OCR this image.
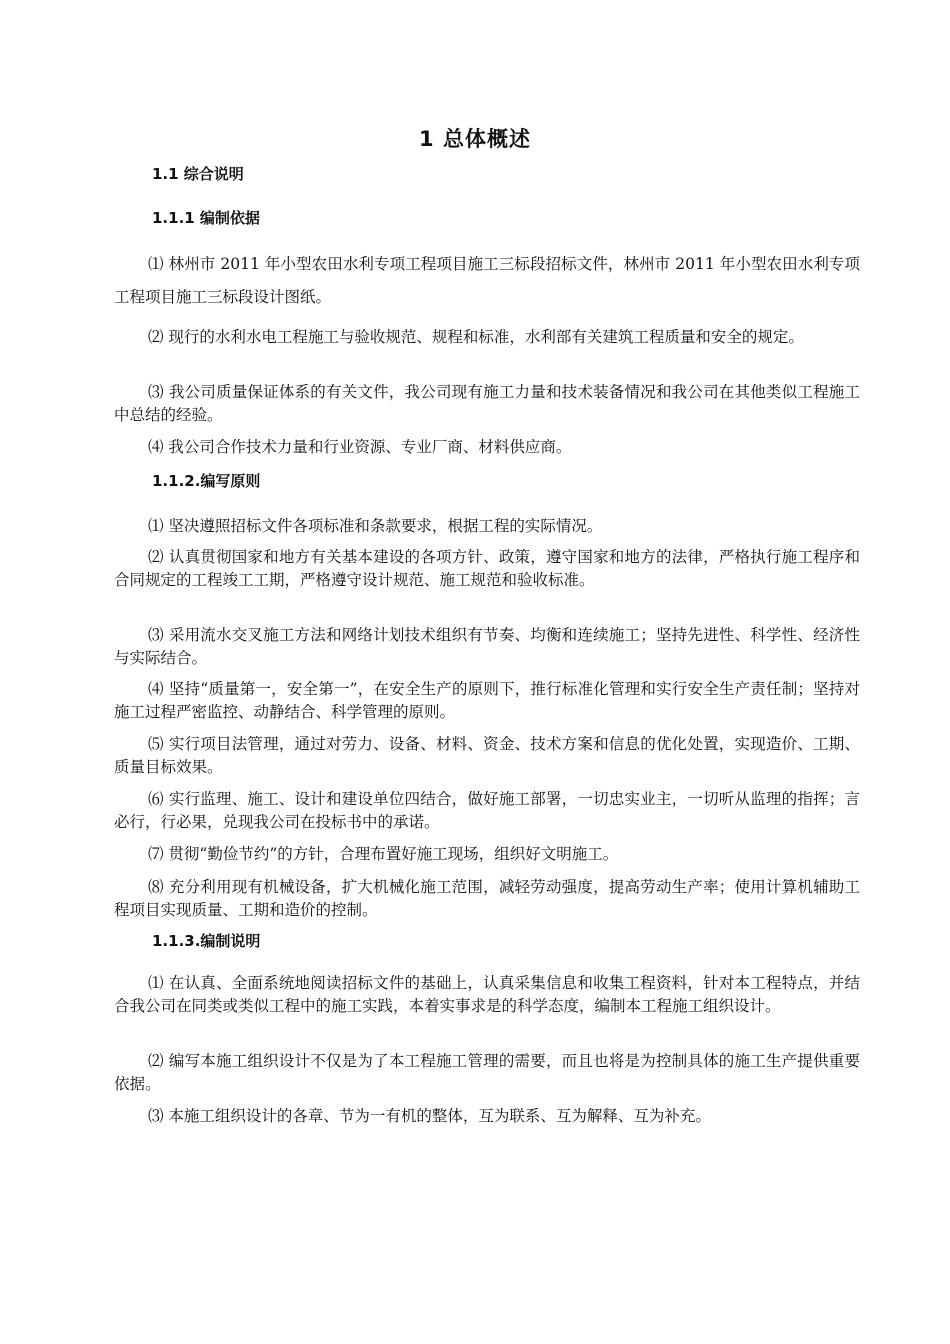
1 总体概述
1.1 综合说明
1.1.1 编制依据

⑴ 林州市 2011 年小型农田水利专项工程项目施工三标段招标文件，林州市 2011 年小型农田水利专项工程项目施工三标段设计图纸。

⑵ 现行的水利水电工程施工与验收规范、规程和标准，水利部有关建筑工程质量和安全的规定。

⑶ 我公司质量保证体系的有关文件，我公司现有施工力量和技术装备情况和我公司在其他类似工程施工中总结的经验。

⑷ 我公司合作技术力量和行业资源、专业厂商、材料供应商。

1.1.2.编写原则

⑴ 坚决遵照招标文件各项标准和条款要求，根据工程的实际情况。

⑵ 认真贯彻国家和地方有关基本建设的各项方针、政策，遵守国家和地方的法律，严格执行施工程序和合同规定的工程竣工工期，严格遵守设计规范、施工规范和验收标准。

⑶ 采用流水交叉施工方法和网络计划技术组织有节奏、均衡和连续施工；坚持先进性、科学性、经济性与实际结合。

⑷ 坚持“质量第一，安全第一”，在安全生产的原则下，推行标准化管理和实行安全生产责任制；坚持对施工过程严密监控、动静结合、科学管理的原则。

⑸ 实行项目法管理，通过对劳力、设备、材料、资金、技术方案和信息的优化处置，实现造价、工期、质量目标效果。

⑹ 实行监理、施工、设计和建设单位四结合，做好施工部署，一切忠实业主，一切听从监理的指挥；言必行，行必果，兑现我公司在投标书中的承诺。

⑺ 贯彻“勤俭节约”的方针，合理布置好施工现场，组织好文明施工。

⑻ 充分利用现有机械设备，扩大机械化施工范围，减轻劳动强度，提高劳动生产率；使用计算机辅助工程项目实现质量、工期和造价的控制。

1.1.3.编制说明

⑴ 在认真、全面系统地阅读招标文件的基础上，认真采集信息和收集工程资料，针对本工程特点，并结合我公司在同类或类似工程中的施工实践，本着实事求是的科学态度，编制本工程施工组织设计。

⑵ 编写本施工组织设计不仅是为了本工程施工管理的需要，而且也将是为控制具体的施工生产提供重要依据。

⑶ 本施工组织设计的各章、节为一有机的整体，互为联系、互为解释、互为补充。
